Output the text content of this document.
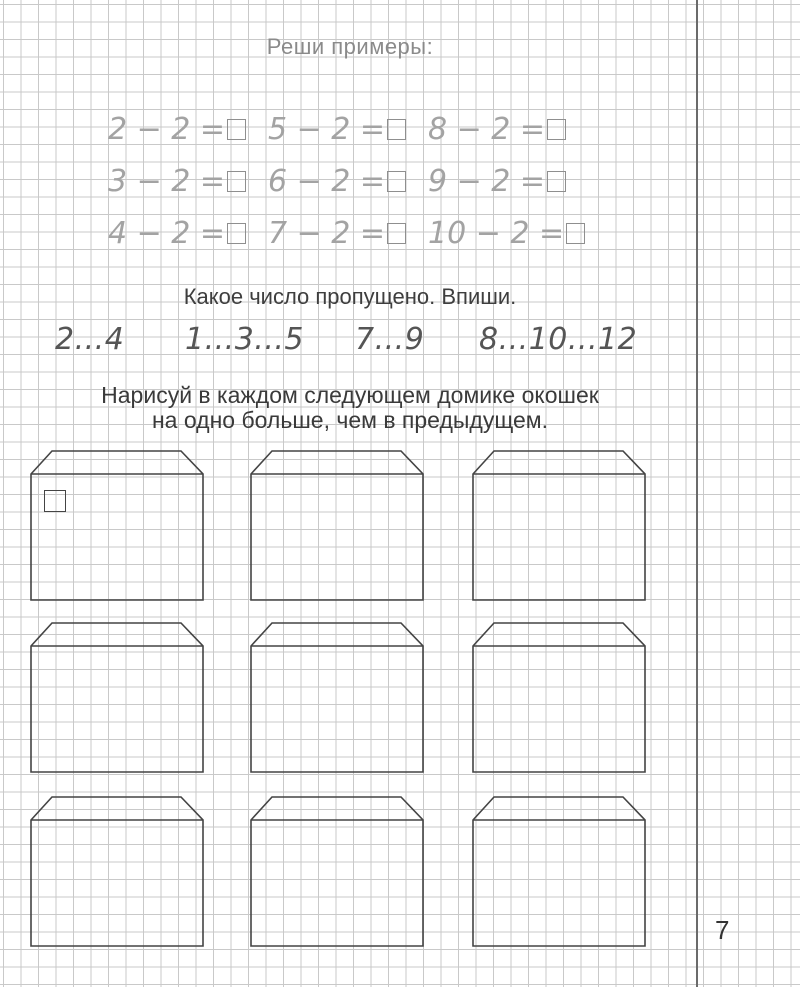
Реши примеры:
2 − 2 = 5 − 2 = 8 − 2 =
3 − 2 = 6 − 2 = 9 − 2 =
4 − 2 = 7 − 2 = 10 − 2 =
Какое число пропущено. Впиши.
2...4 1...3...5 7...9 8...10...12
Нарисуй в каждом следующем домике окошек
на одно больше, чем в предыдущем.
7
